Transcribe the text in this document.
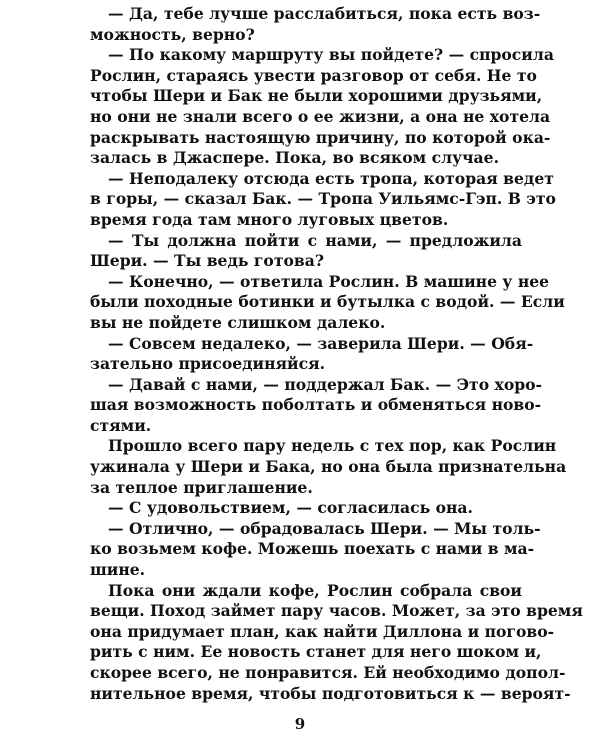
— Да, тебе лучше расслабиться, пока есть воз-
можность, верно?
— По какому маршруту вы пойдете? — спросила
Рослин, стараясь увести разговор от себя. Не то
чтобы Шери и Бак не были хорошими друзьями,
но они не знали всего о ее жизни, а она не хотела
раскрывать настоящую причину, по которой ока-
залась в Джаспере. Пока, во всяком случае.
— Неподалеку отсюда есть тропа, которая ведет
в горы, — сказал Бак. — Тропа Уильямс-Гэп. В это
время года там много луговых цветов.
— Ты должна пойти с нами, — предложила
Шери. — Ты ведь готова?
— Конечно, — ответила Рослин. В машине у нее
были походные ботинки и бутылка с водой. — Если
вы не пойдете слишком далеко.
— Совсем недалеко, — заверила Шери. — Обя-
зательно присоединяйся.
— Давай с нами, — поддержал Бак. — Это хоро-
шая возможность поболтать и обменяться ново-
стями.
Прошло всего пару недель с тех пор, как Рослин
ужинала у Шери и Бака, но она была признательна
за теплое приглашение.
— С удовольствием, — согласилась она.
— Отлично, — обрадовалась Шери. — Мы толь-
ко возьмем кофе. Можешь поехать с нами в ма-
шине.
Пока они ждали кофе, Рослин собрала свои
вещи. Поход займет пару часов. Может, за это время
она придумает план, как найти Диллона и погово-
рить с ним. Ее новость станет для него шоком и,
скорее всего, не понравится. Ей необходимо допол-
нительное время, чтобы подготовиться к — вероят-
9
